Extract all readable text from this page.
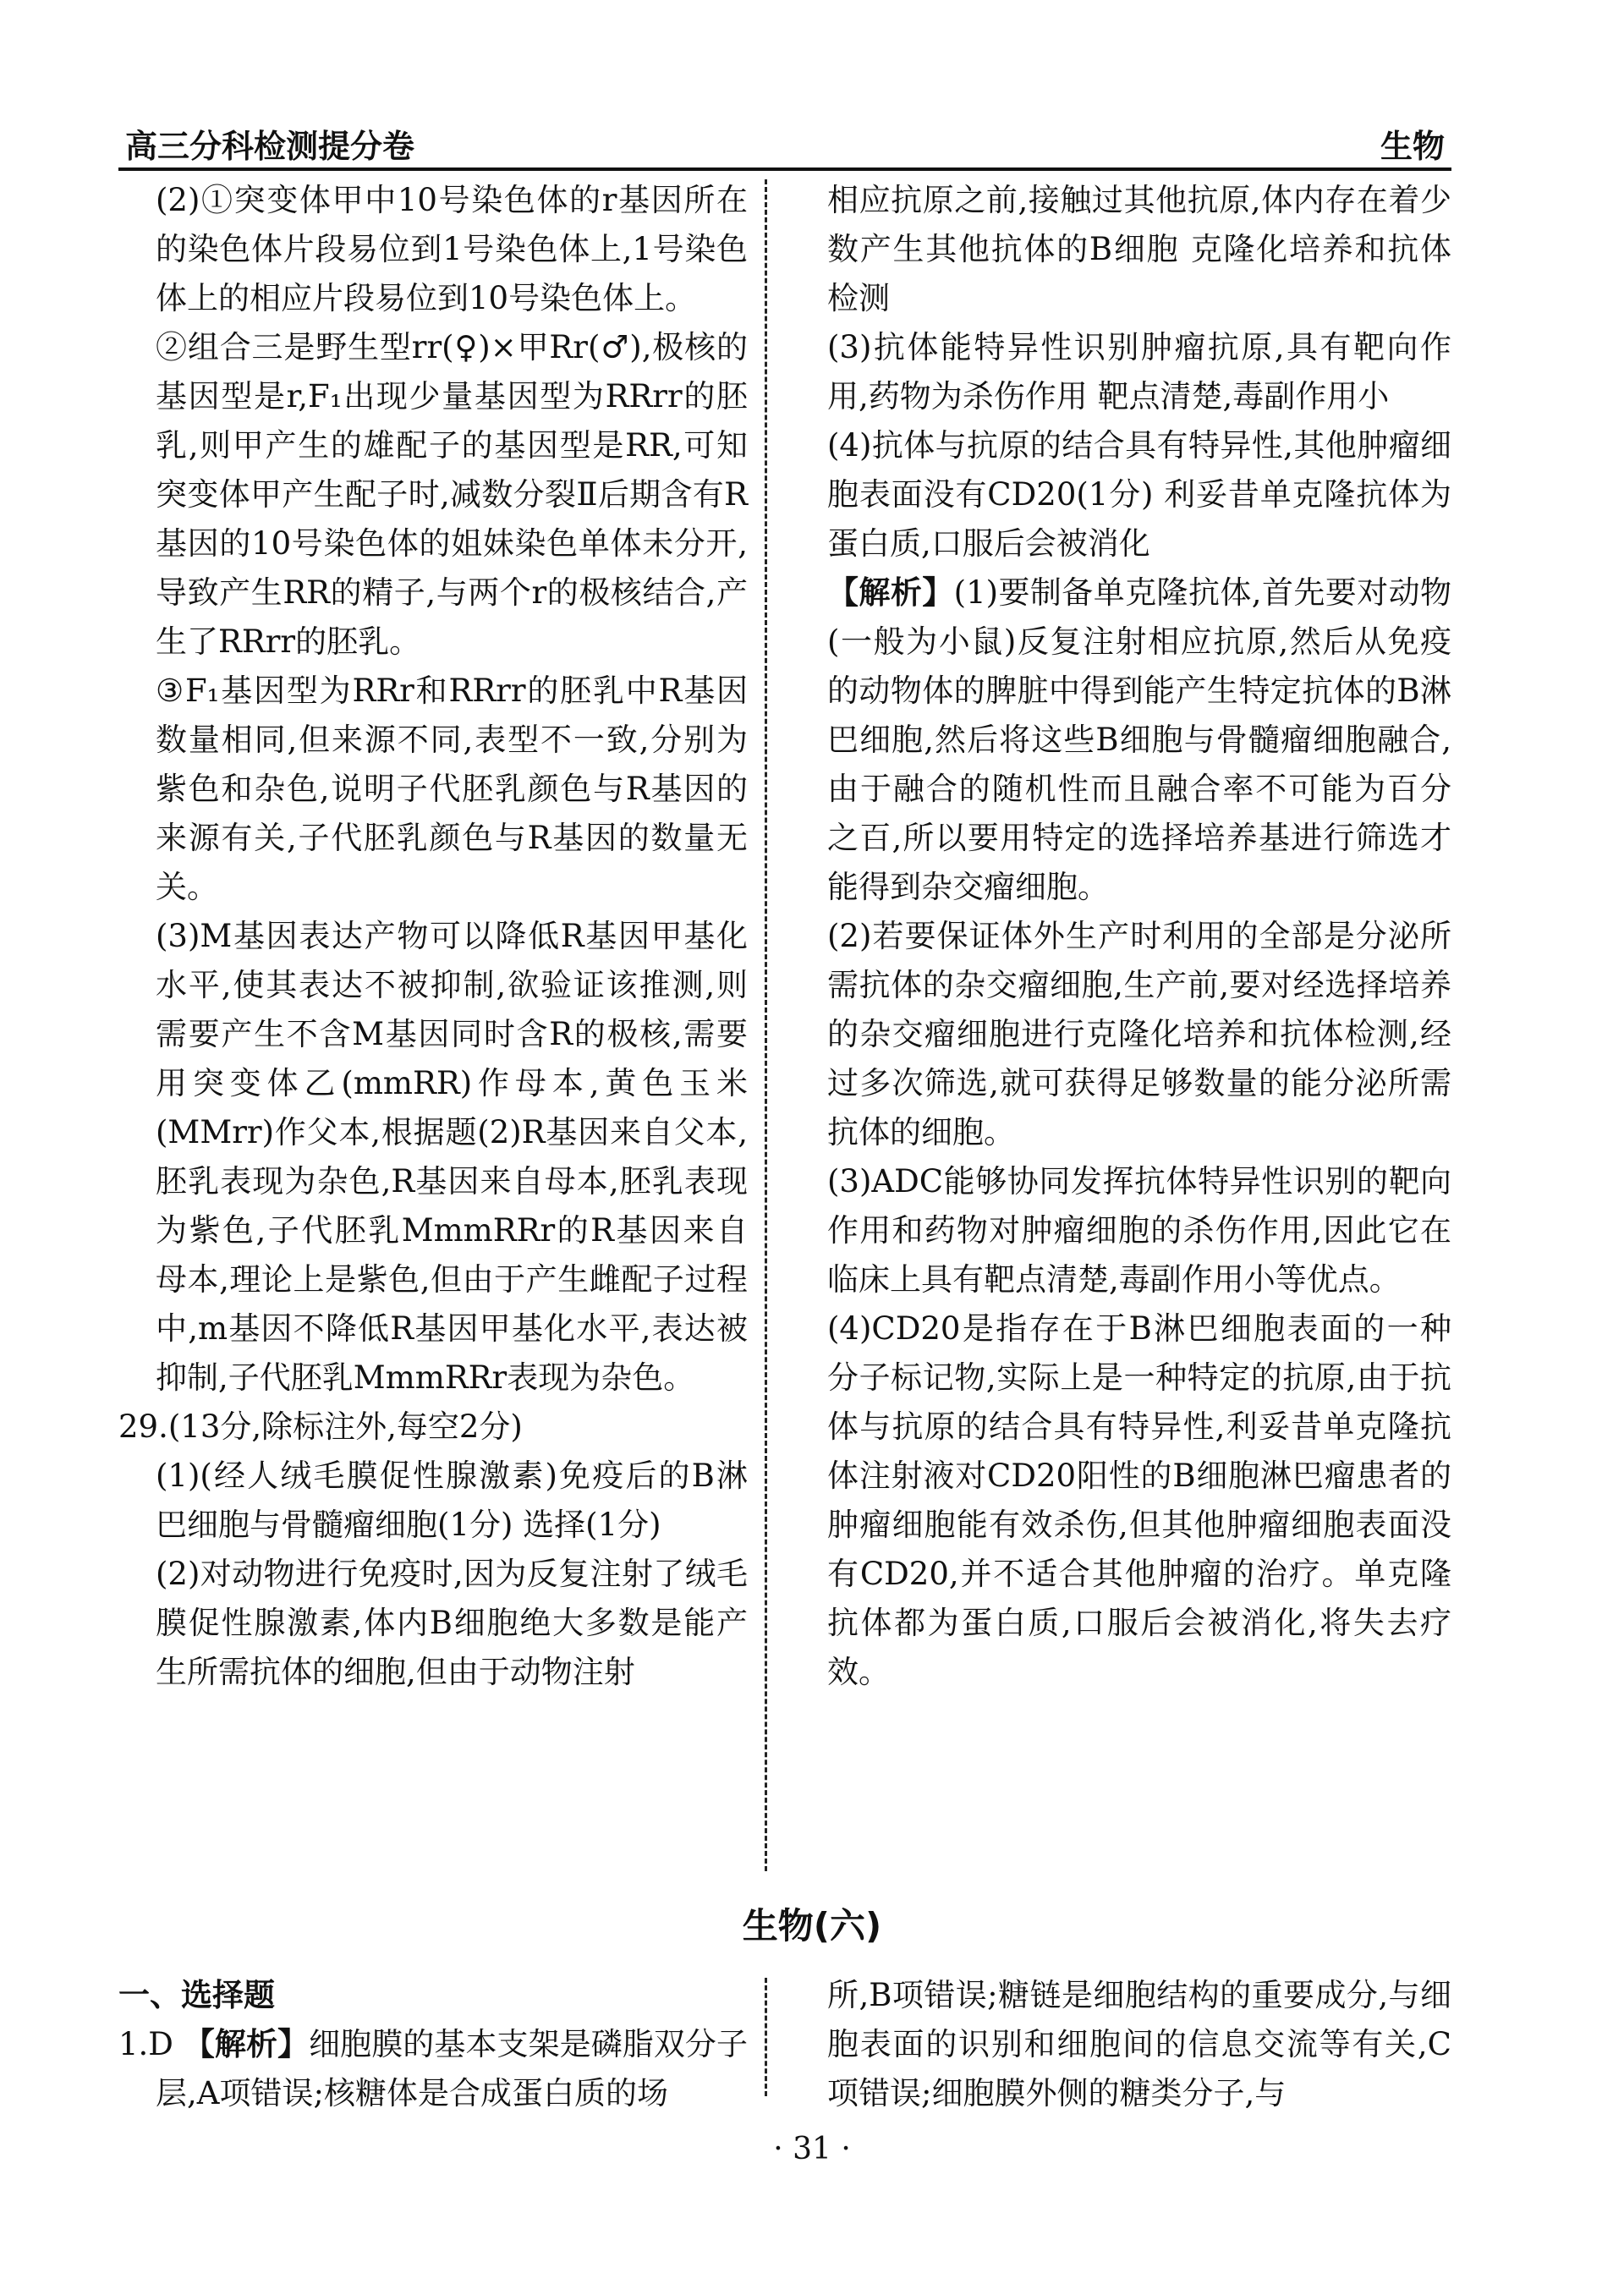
高三分科检测提分卷	生物

(2)①突变体甲中10号染色体的r基因所在的染色体片段易位到1号染色体上,1号染色体上的相应片段易位到10号染色体上。

②组合三是野生型rr(♀)×甲Rr(♂),极核的基因型是r,F₁出现少量基因型为RRrr的胚乳,则甲产生的雄配子的基因型是RR,可知突变体甲产生配子时,减数分裂Ⅱ后期含有R基因的10号染色体的姐妹染色单体未分开,导致产生RR的精子,与两个r的极核结合,产生了RRrr的胚乳。

③F₁基因型为RRr和RRrr的胚乳中R基因数量相同,但来源不同,表型不一致,分别为紫色和杂色,说明子代胚乳颜色与R基因的来源有关,子代胚乳颜色与R基因的数量无关。

(3)M基因表达产物可以降低R基因甲基化水平,使其表达不被抑制,欲验证该推测,则需要产生不含M基因同时含R的极核,需要用突变体乙(mmRR)作母本,黄色玉米(MMrr)作父本,根据题(2)R基因来自父本,胚乳表现为杂色,R基因来自母本,胚乳表现为紫色,子代胚乳MmmRRr的R基因来自母本,理论上是紫色,但由于产生雌配子过程中,m基因不降低R基因甲基化水平,表达被抑制,子代胚乳MmmRRr表现为杂色。

29.(13分,除标注外,每空2分)

(1)(经人绒毛膜促性腺激素)免疫后的B淋巴细胞与骨髓瘤细胞(1分) 选择(1分)

(2)对动物进行免疫时,因为反复注射了绒毛膜促性腺激素,体内B细胞绝大多数是能产生所需抗体的细胞,但由于动物注射

相应抗原之前,接触过其他抗原,体内存在着少数产生其他抗体的B细胞 克隆化培养和抗体检测

(3)抗体能特异性识别肿瘤抗原,具有靶向作用,药物为杀伤作用 靶点清楚,毒副作用小

(4)抗体与抗原的结合具有特异性,其他肿瘤细胞表面没有CD20(1分) 利妥昔单克隆抗体为蛋白质,口服后会被消化

【解析】(1)要制备单克隆抗体,首先要对动物(一般为小鼠)反复注射相应抗原,然后从免疫的动物体的脾脏中得到能产生特定抗体的B淋巴细胞,然后将这些B细胞与骨髓瘤细胞融合,由于融合的随机性而且融合率不可能为百分之百,所以要用特定的选择培养基进行筛选才能得到杂交瘤细胞。

(2)若要保证体外生产时利用的全部是分泌所需抗体的杂交瘤细胞,生产前,要对经选择培养的杂交瘤细胞进行克隆化培养和抗体检测,经过多次筛选,就可获得足够数量的能分泌所需抗体的细胞。

(3)ADC能够协同发挥抗体特异性识别的靶向作用和药物对肿瘤细胞的杀伤作用,因此它在临床上具有靶点清楚,毒副作用小等优点。

(4)CD20是指存在于B淋巴细胞表面的一种分子标记物,实际上是一种特定的抗原,由于抗体与抗原的结合具有特异性,利妥昔单克隆抗体注射液对CD20阳性的B细胞淋巴瘤患者的肿瘤细胞能有效杀伤,但其他肿瘤细胞表面没有CD20,并不适合其他肿瘤的治疗。单克隆抗体都为蛋白质,口服后会被消化,将失去疗效。

生物(六)

一、选择题

1.D 【解析】细胞膜的基本支架是磷脂双分子层,A项错误;核糖体是合成蛋白质的场

所,B项错误;糖链是细胞结构的重要成分,与细胞表面的识别和细胞间的信息交流等有关,C项错误;细胞膜外侧的糖类分子,与

· 31 ·
